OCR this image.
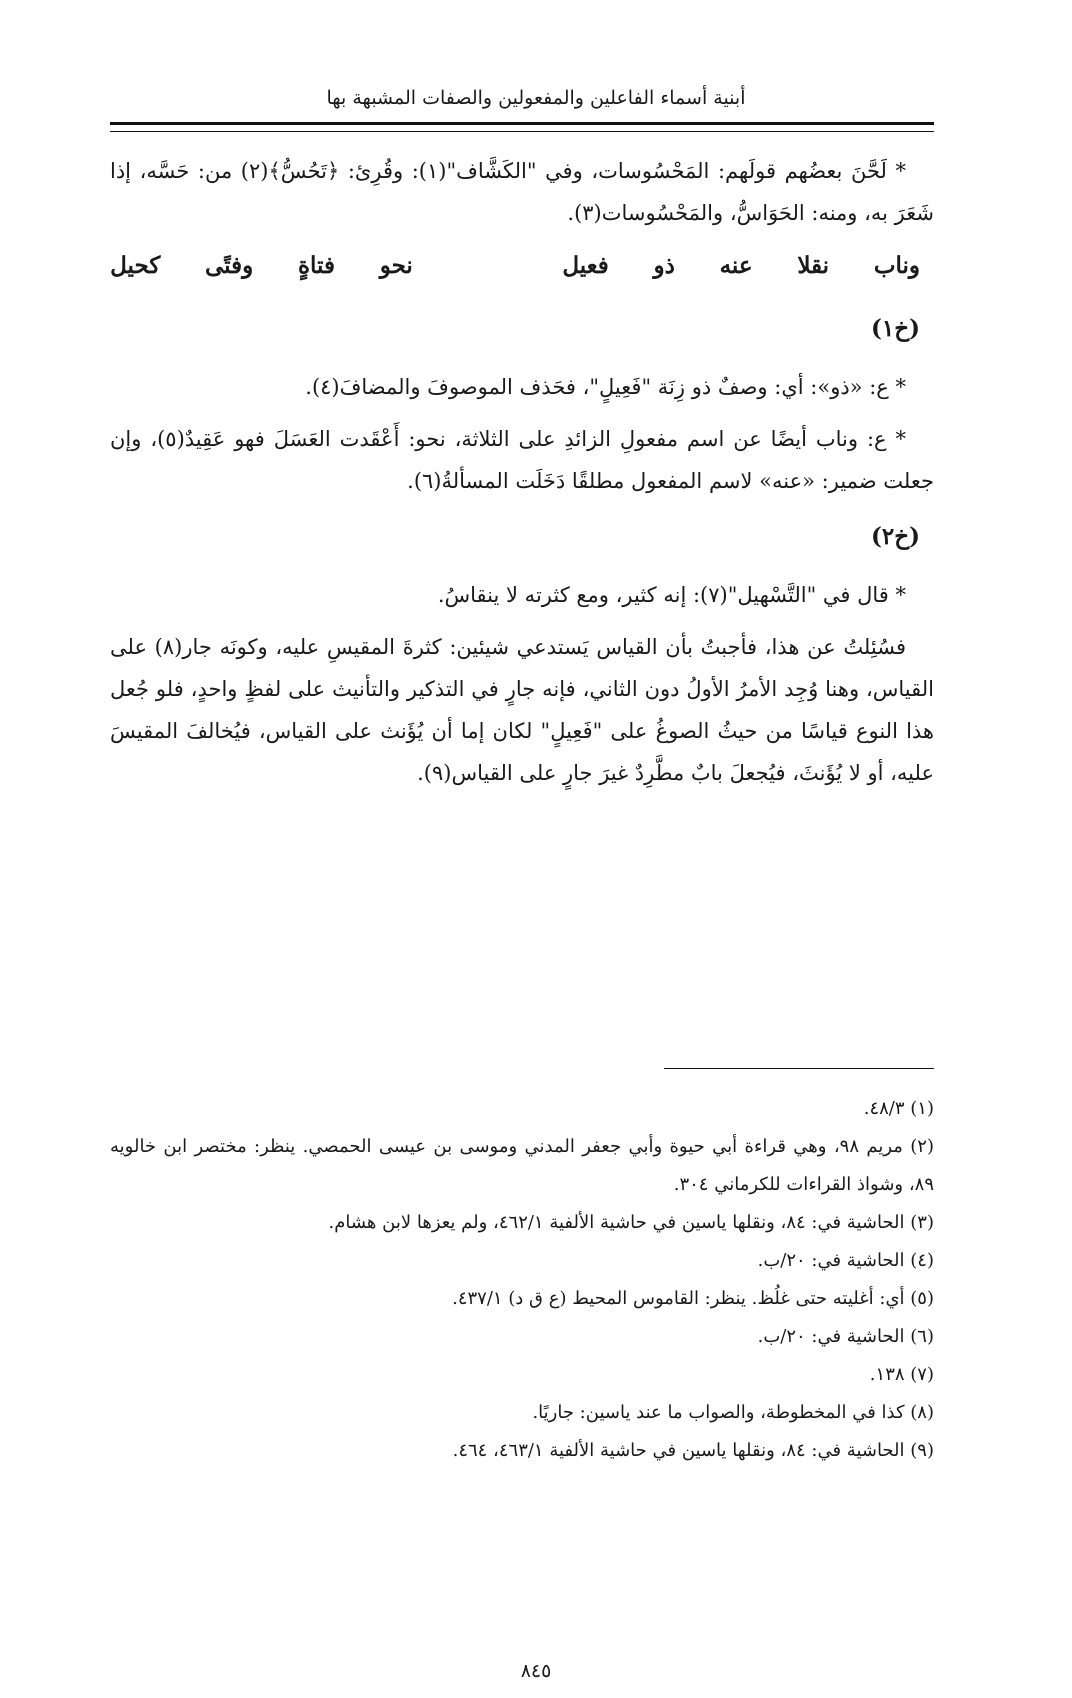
أبنية أسماء الفاعلين والمفعولين والصفات المشبهة بها

* لَحَّنَ بعضُهم قولَهم: المَحْسُوسات، وفي "الكَشَّاف"(١): وقُرِئ: ﴿تَحُسُّ﴾(٢) من: حَسَّه، إذا شَعَرَ به، ومنه: الحَوَاسُّ، والمَحْسُوسات(٣).

وناب
نقلا
عنه
ذو
فعيل
نحو
فتاةٍ
وفتًى
كحيل

(خ١)

* ع: «ذو»: أي: وصفٌ ذو زِنَة "فَعِيلٍ"، فحَذف الموصوفَ والمضافَ(٤).

* ع: وناب أيضًا عن اسم مفعولِ الزائدِ على الثلاثة، نحو: أَعْقَدت العَسَلَ فهو عَقِيدٌ(٥)، وإن جعلت ضمير: «عنه» لاسم المفعول مطلقًا دَخَلَت المسألةُ(٦).

(خ٢)

* قال في "التَّسْهيل"(٧): إنه كثير، ومع كثرته لا ينقاسُ.

فسُئِلتُ عن هذا، فأجبتُ بأن القياس يَستدعي شيئين: كثرةَ المقيسِ عليه، وكونَه جار(٨) على القياس، وهنا وُجِد الأمرُ الأولُ دون الثاني، فإنه جارٍ في التذكير والتأنيث على لفظٍ واحدٍ، فلو جُعل هذا النوع قياسًا من حيثُ الصوغُ على "فَعِيلٍ" لكان إما أن يُؤَنث على القياس، فيُخالفَ المقيسَ عليه، أو لا يُؤَنثَ، فيُجعلَ بابٌ مطَّرِدٌ غيرَ جارٍ على القياس(٩).

(١) ٤٨/٣.

(٢) مريم ٩٨، وهي قراءة أبي حيوة وأبي جعفر المدني وموسى بن عيسى الحمصي. ينظر: مختصر ابن خالويه ٨٩، وشواذ القراءات للكرماني ٣٠٤.

(٣) الحاشية في: ٨٤، ونقلها ياسين في حاشية الألفية ٤٦٢/١، ولم يعزها لابن هشام.

(٤) الحاشية في: ٢٠/ب.

(٥) أي: أغليته حتى غلُظ. ينظر: القاموس المحيط (ع ق د) ٤٣٧/١.

(٦) الحاشية في: ٢٠/ب.

(٧) ١٣٨.

(٨) كذا في المخطوطة، والصواب ما عند ياسين: جاريًا.

(٩) الحاشية في: ٨٤، ونقلها ياسين في حاشية الألفية ٤٦٣/١، ٤٦٤.

٨٤٥
